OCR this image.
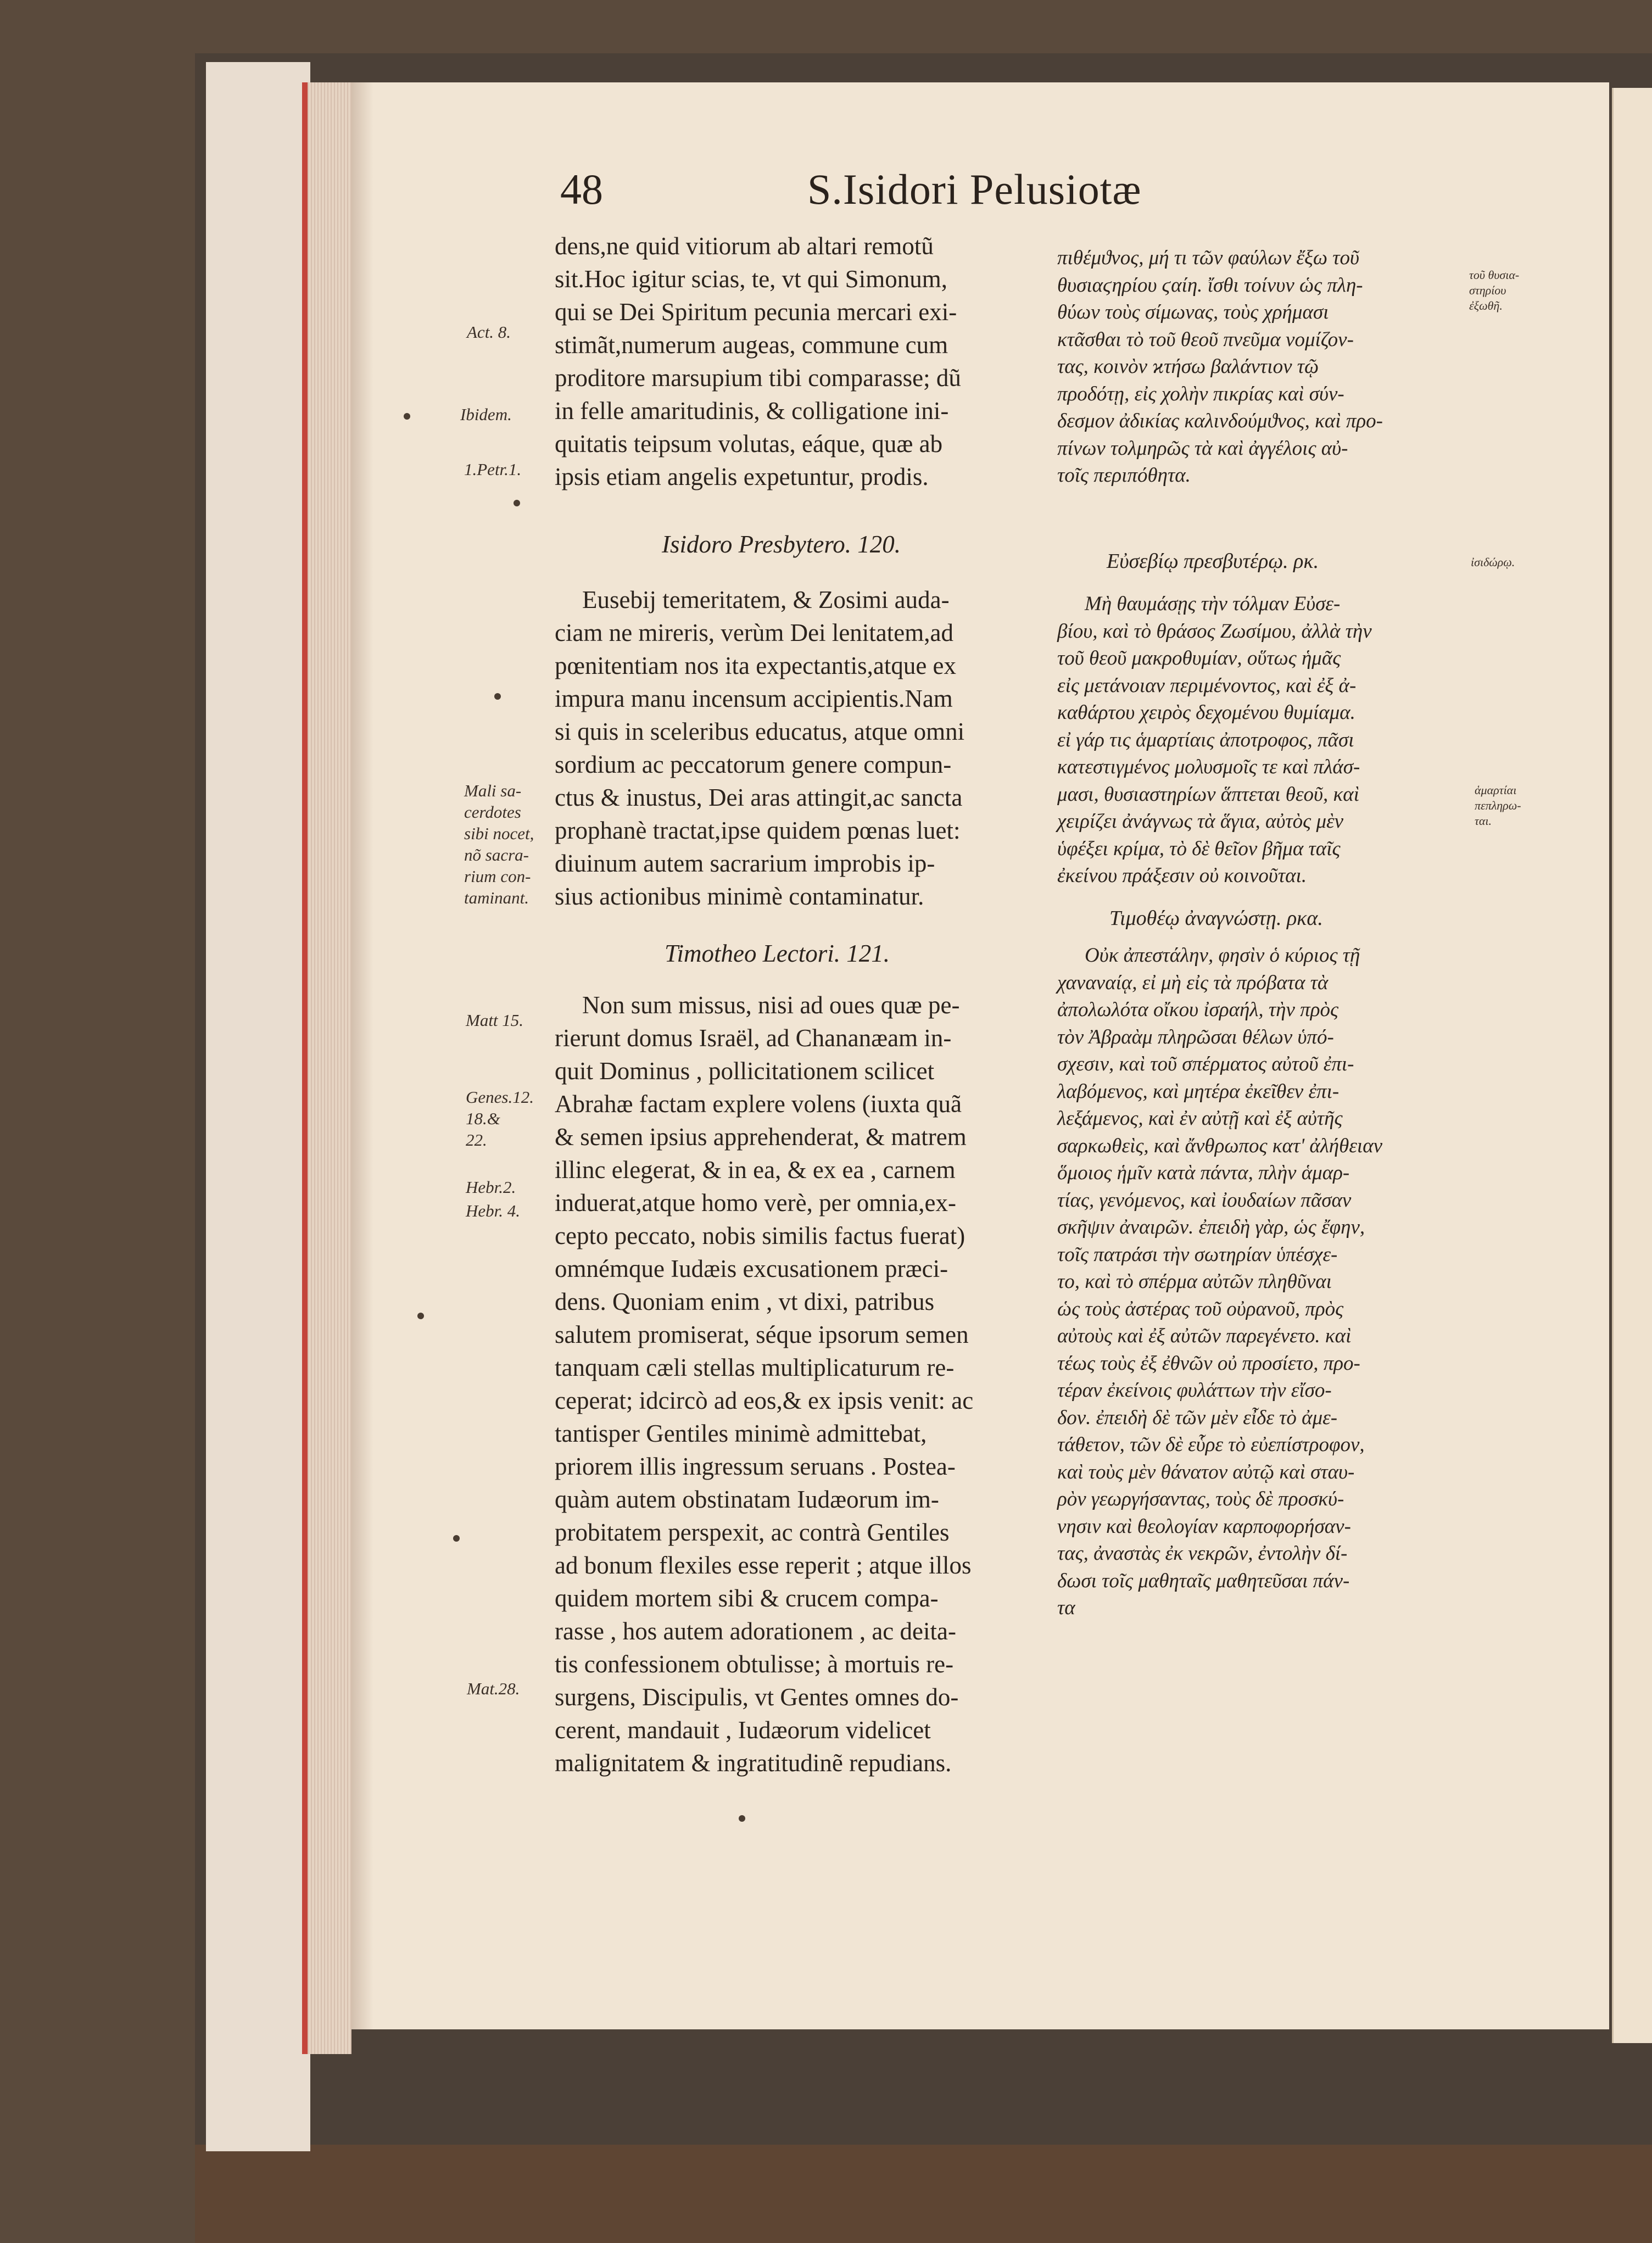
48	S.Isidori Pelusiotæ
dens,ne quid vitiorum ab altari remotũ
sit.Hoc igitur scias, te, vt qui Simonum,
qui se Dei Spiritum pecunia mercari exi-
stimãt,numerum augeas, commune cum
proditore marsupium tibi comparasse; dũ
in felle amaritudinis, & colligatione ini-
quitatis teipsum volutas, eáque, quæ ab
ipsis etiam angelis expetuntur, prodis.
Isidoro Presbytero. 120.
Eusebij temeritatem, & Zosimi auda-
ciam ne mireris, verùm Dei lenitatem,ad
pœnitentiam nos ita expectantis,atque ex
impura manu incensum accipientis.Nam
si quis in sceleribus educatus, atque omni
sordium ac peccatorum genere compun-
ctus & inustus, Dei aras attingit,ac sancta
prophanè tractat,ipse quidem pœnas luet:
diuinum autem sacrarium improbis ip-
sius actionibus minimè contaminatur.
Timotheo Lectori. 121.
Non sum missus, nisi ad oues quæ pe-
rierunt domus Israël, ad Chananæam in-
quit Dominus , pollicitationem scilicet
Abrahæ factam explere volens (iuxta quã
& semen ipsius apprehenderat, & matrem
illinc elegerat, & in ea, & ex ea , carnem
induerat,atque homo verè, per omnia,ex-
cepto peccato, nobis similis factus fuerat)
omnémque Iudæis excusationem præci-
dens. Quoniam enim , vt dixi, patribus
salutem promiserat, séque ipsorum semen
tanquam cæli stellas multiplicaturum re-
ceperat; idcircò ad eos,& ex ipsis venit: ac
tantisper Gentiles minimè admittebat,
priorem illis ingressum seruans . Postea-
quàm autem obstinatam Iudæorum im-
probitatem perspexit, ac contrà Gentiles
ad bonum flexiles esse reperit ; atque illos
quidem mortem sibi & crucem compa-
rasse , hos autem adorationem , ac deita-
tis confessionem obtulisse; à mortuis re-
surgens, Discipulis, vt Gentes omnes do-
cerent, mandauit , Iudæorum videlicet
malignitatem & ingratitudinẽ repudians.
πιθέμϑνος, μή τι τῶν φαύλων ἔξω τοῦ
θυσιαϛηρίου ϛαίη. ἴσθι τοίνυν ὡς πλη-
θύων τοὺς σίμωνας, τοὺς χρήμασι
κτᾶσθαι τὸ τοῦ θεοῦ πνεῦμα νομίζον-
τας, κοινὸν ϰτήσω βαλάντιον τῷ
προδότῃ, εἰς χολὴν πικρίας καὶ σύν-
δεσμον ἀδικίας καλινδούμϑνος, καὶ προ-
πίνων τολμηρῶς τὰ καὶ ἀγγέλοις αὐ-
τοῖς περιπόθητα.
Εὐσεβίῳ πρεσβυτέρῳ. ρκ.
Μὴ θαυμάσῃς τὴν τόλμαν Εὐσε-
βίου, καὶ τὸ θράσος Ζωσίμου, ἀλλὰ τὴν
τοῦ θεοῦ μακροθυμίαν, οὕτως ἡμᾶς
εἰς μετάνοιαν περιμένοντος, καὶ ἐξ ἀ-
καθάρτου χειρὸς δεχομένου θυμίαμα.
εἰ γάρ τις ἁμαρτίαις ἀποτροφος, πᾶσι
κατεστιγμένος μολυσμοῖς τε καὶ πλάσ-
μασι, θυσιαστηρίων ἅπτεται θεοῦ, καὶ
χειρίζει ἀνάγνως τὰ ἅγια, αὐτὸς μὲν
ὑφέξει κρίμα, τὸ δὲ θεῖον βῆμα ταῖς
ἐκείνου πράξεσιν οὐ κοινοῦται.
Τιμοθέῳ ἀναγνώστῃ. ρκα.
Οὐκ ἀπεστάλην, φησὶν ὁ κύριος τῇ
χαναναίᾳ, εἰ μὴ εἰς τὰ πρόβατα τὰ
ἀπολωλότα οἴκου ἰσραήλ, τὴν πρὸς
τὸν Ἀβραὰμ πληρῶσαι θέλων ὑπό-
σχεσιν, καὶ τοῦ σπέρματος αὐτοῦ ἐπι-
λαβόμενος, καὶ μητέρα ἐκεῖθεν ἐπι-
λεξάμενος, καὶ ἐν αὐτῇ καὶ ἐξ αὐτῆς
σαρκωθεὶς, καὶ ἄνθρωπος κατ' ἀλήθειαν
ὅμοιος ἡμῖν κατὰ πάντα, πλὴν ἁμαρ-
τίας, γενόμενος, καὶ ἰουδαίων πᾶσαν
σκῆψιν ἀναιρῶν. ἐπειδὴ γὰρ, ὡς ἔφην,
τοῖς πατράσι τὴν σωτηρίαν ὑπέσχε-
το, καὶ τὸ σπέρμα αὐτῶν πληθῦναι
ὡς τοὺς ἀστέρας τοῦ οὐρανοῦ, πρὸς
αὐτοὺς καὶ ἐξ αὐτῶν παρεγένετο. καὶ
τέως τοὺς ἐξ ἐθνῶν οὐ προσίετο, προ-
τέραν ἐκείνοις φυλάττων τὴν εἴσο-
δον. ἐπειδὴ δὲ τῶν μὲν εἶδε τὸ ἀμε-
τάθετον, τῶν δὲ εὗρε τὸ εὐεπίστροφον,
καὶ τοὺς μὲν θάνατον αὐτῷ καὶ σταυ-
ρὸν γεωργήσαντας, τοὺς δὲ προσκύ-
νησιν καὶ θεολογίαν καρποφορήσαν-
τας, ἀναστὰς ἐκ νεκρῶν, ἐντολὴν δί-
δωσι τοῖς μαθηταῖς μαθητεῦσαι πάν-
τα
Act. 8.
Ibidem.
1.Petr.1.
Mali sa-
cerdotes
sibi nocet,
nõ sacra-
rium con-
taminant.
Matt 15.
Genes.12.
18.&
22.
Hebr.2.
Hebr. 4.
Mat.28.
τοῦ θυσια-
στηρίου
ἐξωθῆ.
ἰσιδώρῳ.
ἁμαρτίαι
πεπληρω-
ται.
